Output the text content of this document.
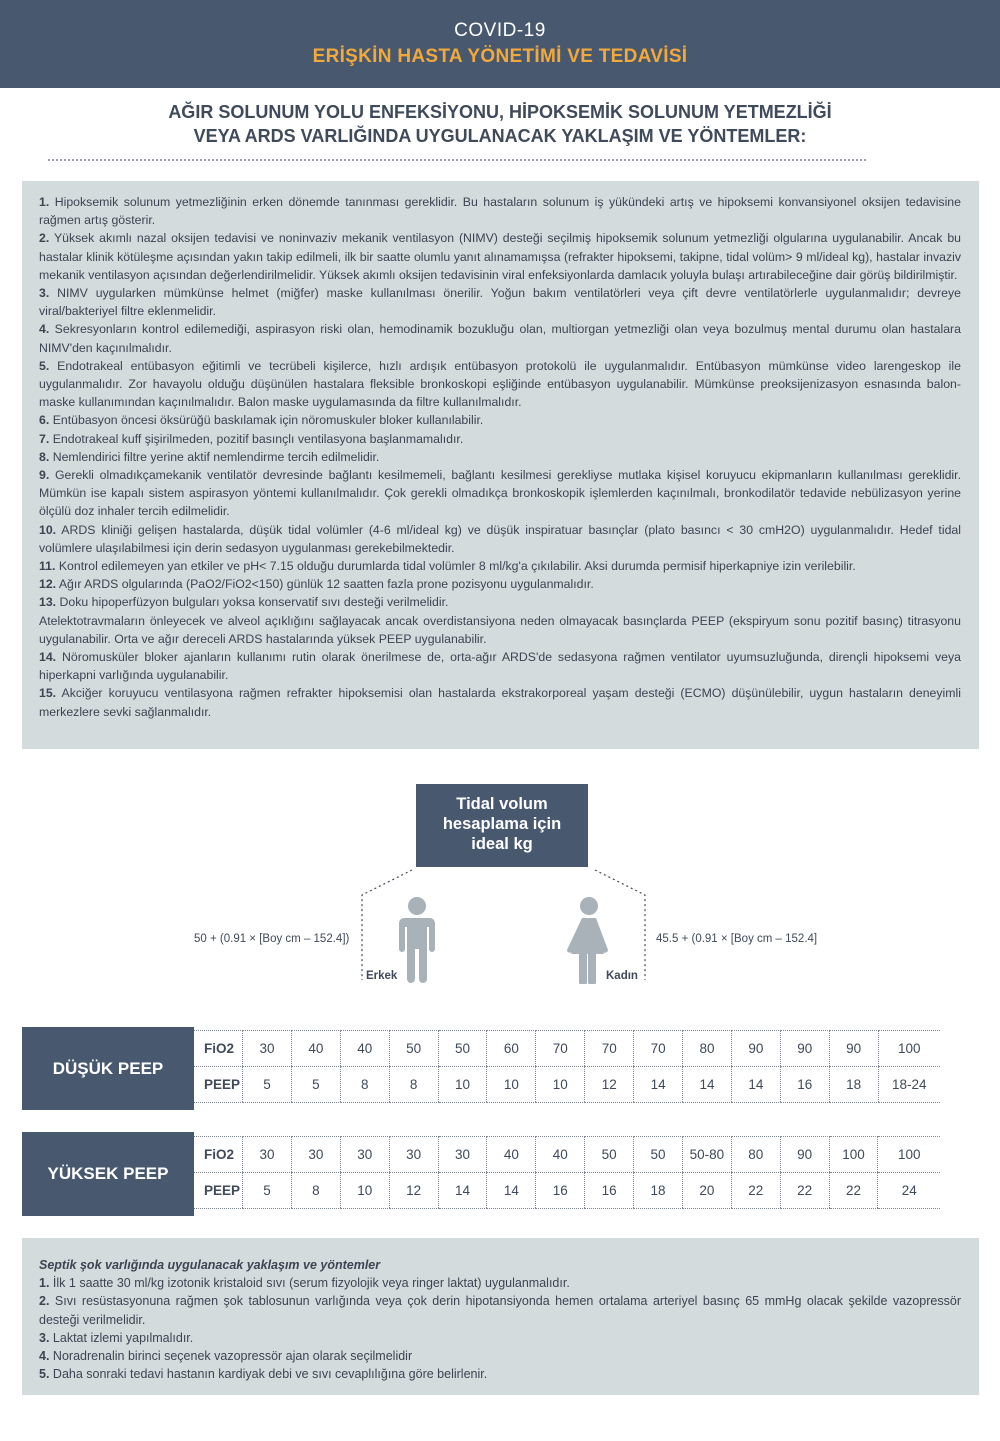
COVID-19
ERİŞKİN HASTA YÖNETİMİ VE TEDAVİSİ
AĞIR SOLUNUM YOLU ENFEKSİYONU, HİPOKSEMİK SOLUNUM YETMEZLİĞİ
VEYA ARDS VARLIĞINDA UYGULANACAK YAKLAŞIM VE YÖNTEMLER:

1. Hipoksemik solunum yetmezliğinin erken dönemde tanınması gereklidir. Bu hastaların solunum iş yükündeki artış ve hipoksemi konvansiyonel oksijen tedavisine rağmen artış gösterir.

2. Yüksek akımlı nazal oksijen tedavisi ve noninvaziv mekanik ventilasyon (NIMV) desteği seçilmiş hipoksemik solunum yetmezliği olgularına uygulanabilir. Ancak bu hastalar klinik kötüleşme açısından yakın takip edilmeli, ilk bir saatte olumlu yanıt alınamamışsa (refrakter hipoksemi, takipne, tidal volüm> 9 ml/ideal kg), hastalar invaziv mekanik ventilasyon açısından değerlendirilmelidir. Yüksek akımlı oksijen tedavisinin viral enfeksiyonlarda damlacık yoluyla bulaşı artırabileceğine dair görüş bildirilmiştir.

3. NIMV uygularken mümkünse helmet (miğfer) maske kullanılması önerilir. Yoğun bakım ventilatörleri veya çift devre ventilatörlerle uygulanmalıdır; devreye viral/bakteriyel filtre eklenmelidir.

4. Sekresyonların kontrol edilemediği, aspirasyon riski olan, hemodinamik bozukluğu olan, multiorgan yetmezliği olan veya bozulmuş mental durumu olan hastalara NIMV'den kaçınılmalıdır.

5. Endotrakeal entübasyon eğitimli ve tecrübeli kişilerce, hızlı ardışık entübasyon protokolü ile uygulanmalıdır. Entübasyon mümkünse video larengeskop ile uygulanmalıdır. Zor havayolu olduğu düşünülen hastalara fleksible bronkoskopi eşliğinde entübasyon uygulanabilir. Mümkünse preoksijenizasyon esnasında balon-maske kullanımından kaçınılmalıdır. Balon maske uygulamasında da filtre kullanılmalıdır.

6. Entübasyon öncesi öksürüğü baskılamak için nöromuskuler bloker kullanılabilir.

7. Endotrakeal kuff şişirilmeden, pozitif basınçlı ventilasyona başlanmamalıdır.

8. Nemlendirici filtre yerine aktif nemlendirme tercih edilmelidir.

9. Gerekli olmadıkçamekanik ventilatör devresinde bağlantı kesilmemeli, bağlantı kesilmesi gerekliyse mutlaka kişisel koruyucu ekipmanların kullanılması gereklidir. Mümkün ise kapalı sistem aspirasyon yöntemi kullanılmalıdır. Çok gerekli olmadıkça bronkoskopik işlemlerden kaçınılmalı, bronkodilatör tedavide nebülizasyon yerine ölçülü doz inhaler tercih edilmelidir.

10. ARDS kliniği gelişen hastalarda, düşük tidal volümler (4-6 ml/ideal kg) ve düşük inspiratuar basınçlar (plato basıncı < 30 cmH2O) uygulanmalıdır. Hedef tidal volümlere ulaşılabilmesi için derin sedasyon uygulanması gerekebilmektedir.

11. Kontrol edilemeyen yan etkiler ve pH< 7.15 olduğu durumlarda tidal volümler 8 ml/kg'a çıkılabilir. Aksi durumda permisif hiperkapniye izin verilebilir.

12. Ağır ARDS olgularında (PaO2/FiO2<150) günlük 12 saatten fazla prone pozisyonu uygulanmalıdır.

13. Doku hipoperfüzyon bulguları yoksa konservatif sıvı desteği verilmelidir.

Atelektotravmaların önleyecek ve alveol açıklığını sağlayacak ancak overdistansiyona neden olmayacak basınçlarda PEEP (ekspiryum sonu pozitif basınç) titrasyonu uygulanabilir. Orta ve ağır dereceli ARDS hastalarında yüksek PEEP uygulanabilir.

14. Nöromusküler bloker ajanların kullanımı rutin olarak önerilmese de, orta-ağır ARDS'de sedasyona rağmen ventilator uyumsuzluğunda, dirençli hipoksemi veya hiperkapni varlığında uygulanabilir.

15. Akciğer koruyucu ventilasyona rağmen refrakter hipoksemisi olan hastalarda ekstrakorporeal yaşam desteği (ECMO) düşünülebilir, uygun hastaların deneyimli merkezlere sevki sağlanmalıdır.

Tidal volum
hesaplama için
ideal kg
50 + (0.91 × [Boy cm – 152.4])	45.5 + (0.91 × [Boy cm – 152.4]
Erkek	Kadın
DÜŞÜK PEEP
FiO2	30	40	40	50	50	60	70	70	70	80	90	90	90	100
PEEP	5	5	8	8	10	10	10	12	14	14	14	16	18	18-24
YÜKSEK PEEP
FiO2	30	30	30	30	30	40	40	50	50	50-80	80	90	100	100
PEEP	5	8	10	12	14	14	16	16	18	20	22	22	22	24
Septik şok varlığında uygulanacak yaklaşım ve yöntemler

1. İlk 1 saatte 30 ml/kg izotonik kristaloid sıvı (serum fizyolojik veya ringer laktat) uygulanmalıdır.

2. Sıvı resüstasyonuna rağmen şok tablosunun varlığında veya çok derin hipotansiyonda hemen ortalama arteriyel basınç 65 mmHg olacak şekilde vazopressör desteği verilmelidir.

3. Laktat izlemi yapılmalıdır.

4. Noradrenalin birinci seçenek vazopressör ajan olarak seçilmelidir

5. Daha sonraki tedavi hastanın kardiyak debi ve sıvı cevaplılığına göre belirlenir.
